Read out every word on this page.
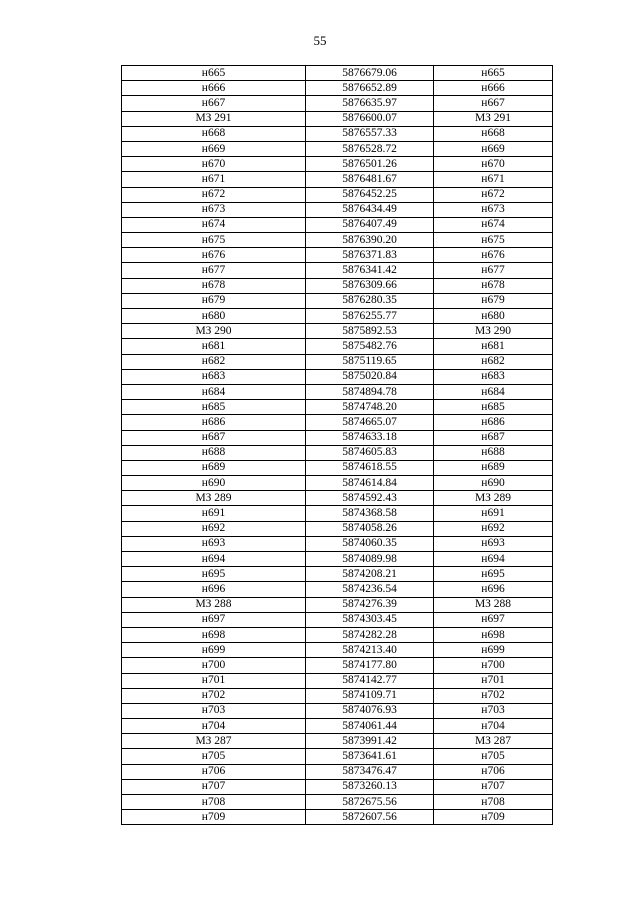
55
н665	5876679.06	н665
н666	5876652.89	н666
н667	5876635.97	н667
МЗ 291	5876600.07	МЗ 291
н668	5876557.33	н668
н669	5876528.72	н669
н670	5876501.26	н670
н671	5876481.67	н671
н672	5876452.25	н672
н673	5876434.49	н673
н674	5876407.49	н674
н675	5876390.20	н675
н676	5876371.83	н676
н677	5876341.42	н677
н678	5876309.66	н678
н679	5876280.35	н679
н680	5876255.77	н680
МЗ 290	5875892.53	МЗ 290
н681	5875482.76	н681
н682	5875119.65	н682
н683	5875020.84	н683
н684	5874894.78	н684
н685	5874748.20	н685
н686	5874665.07	н686
н687	5874633.18	н687
н688	5874605.83	н688
н689	5874618.55	н689
н690	5874614.84	н690
МЗ 289	5874592.43	МЗ 289
н691	5874368.58	н691
н692	5874058.26	н692
н693	5874060.35	н693
н694	5874089.98	н694
н695	5874208.21	н695
н696	5874236.54	н696
МЗ 288	5874276.39	МЗ 288
н697	5874303.45	н697
н698	5874282.28	н698
н699	5874213.40	н699
н700	5874177.80	н700
н701	5874142.77	н701
н702	5874109.71	н702
н703	5874076.93	н703
н704	5874061.44	н704
МЗ 287	5873991.42	МЗ 287
н705	5873641.61	н705
н706	5873476.47	н706
н707	5873260.13	н707
н708	5872675.56	н708
н709	5872607.56	н709
